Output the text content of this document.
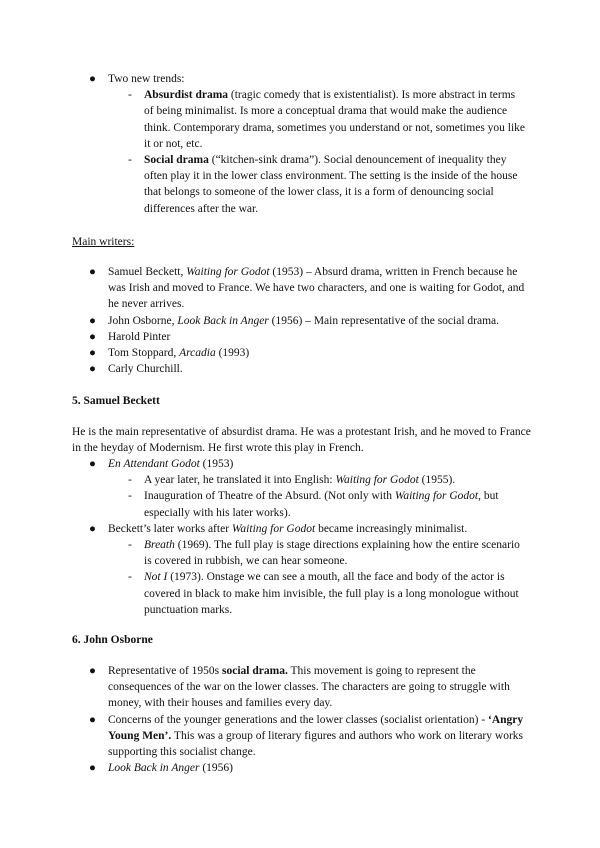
● Two new trends:
- Absurdist drama (tragic comedy that is existentialist). Is more abstract in terms of being minimalist. Is more a conceptual drama that would make the audience think. Contemporary drama, sometimes you understand or not, sometimes you like it or not, etc.
- Social drama (“kitchen-sink drama”). Social denouncement of inequality they often play it in the lower class environment. The setting is the inside of the house that belongs to someone of the lower class, it is a form of denouncing social differences after the war.
Main writers:
● Samuel Beckett, Waiting for Godot (1953) – Absurd drama, written in French because he was Irish and moved to France. We have two characters, and one is waiting for Godot, and he never arrives.
● John Osborne, Look Back in Anger (1956) – Main representative of the social drama.
● Harold Pinter
● Tom Stoppard, Arcadia (1993)
● Carly Churchill.
5. Samuel Beckett
He is the main representative of absurdist drama. He was a protestant Irish, and he moved to France in the heyday of Modernism. He first wrote this play in French.
● En Attendant Godot (1953)
- A year later, he translated it into English: Waiting for Godot (1955).
- Inauguration of Theatre of the Absurd. (Not only with Waiting for Godot, but especially with his later works).
● Beckett’s later works after Waiting for Godot became increasingly minimalist.
- Breath (1969). The full play is stage directions explaining how the entire scenario is covered in rubbish, we can hear someone.
- Not I (1973). Onstage we can see a mouth, all the face and body of the actor is covered in black to make him invisible, the full play is a long monologue without punctuation marks.
6. John Osborne
● Representative of 1950s social drama. This movement is going to represent the consequences of the war on the lower classes. The characters are going to struggle with money, with their houses and families every day.
● Concerns of the younger generations and the lower classes (socialist orientation) - ‘Angry Young Men’. This was a group of literary figures and authors who work on literary works supporting this socialist change.
● Look Back in Anger (1956)
